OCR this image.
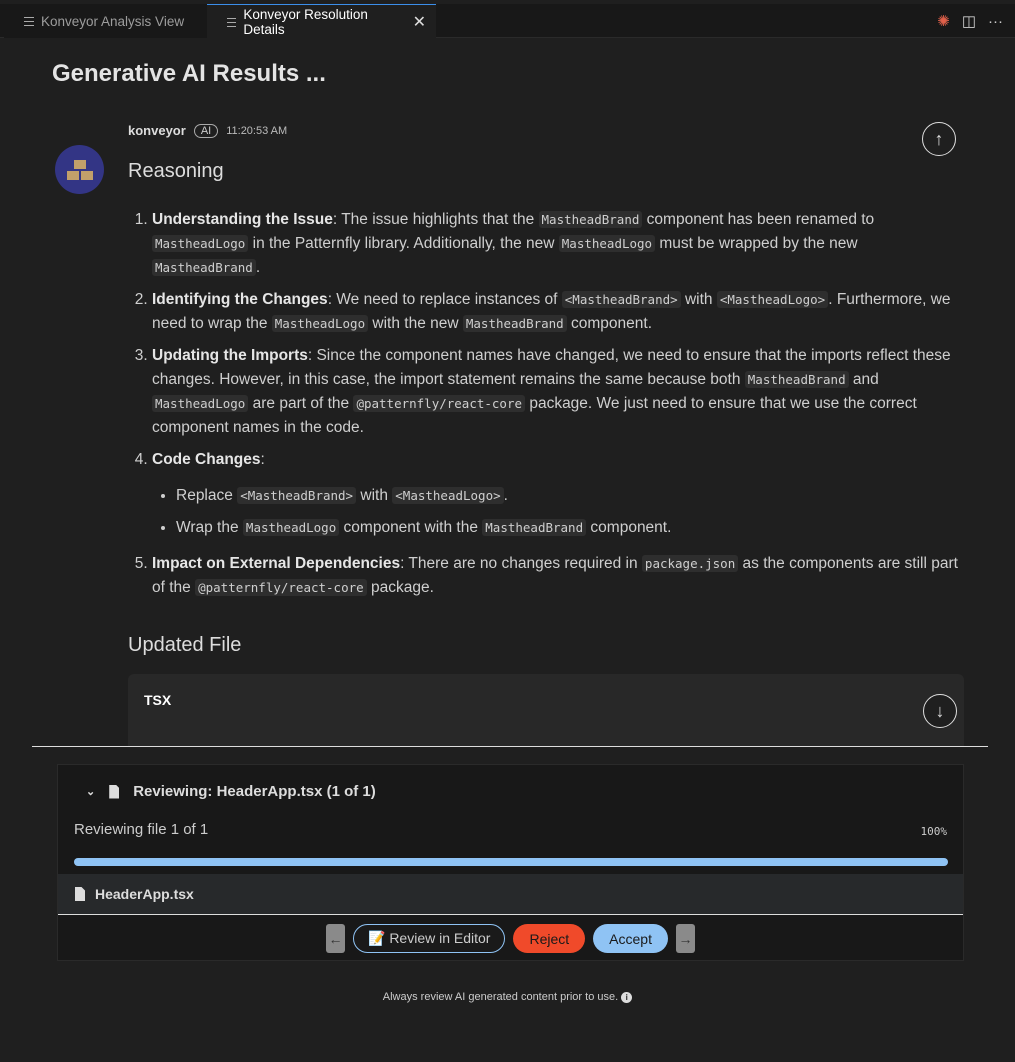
Konveyor Analysis View	Konveyor Resolution Details	✕	✺ ◫ ···
Generative AI Results ...
konveyor	AI	11:20:53 AM	↑
Reasoning
1. Understanding the Issue: The issue highlights that the MastheadBrand component has been renamed to MastheadLogo in the Patternfly library. Additionally, the new MastheadLogo must be wrapped by the new MastheadBrand .
2. Identifying the Changes: We need to replace instances of <MastheadBrand> with <MastheadLogo> . Furthermore, we need to wrap the MastheadLogo with the new MastheadBrand component.
3. Updating the Imports: Since the component names have changed, we need to ensure that the imports reflect these changes. However, in this case, the import statement remains the same because both MastheadBrand and MastheadLogo are part of the @patternfly/react-core package. We just need to ensure that we use the correct component names in the code.
4. Code Changes:
• Replace <MastheadBrand> with <MastheadLogo> .
• Wrap the MastheadLogo component with the MastheadBrand component.
5. Impact on External Dependencies: There are no changes required in package.json as the components are still part of the @patternfly/react-core package.
Updated File
TSX
↓
⌄	Reviewing: HeaderApp.tsx (1 of 1)
Reviewing file 1 of 1	100%
HeaderApp.tsx
←	📝 Review in Editor	Reject	Accept	→
Always review AI generated content prior to use. i
